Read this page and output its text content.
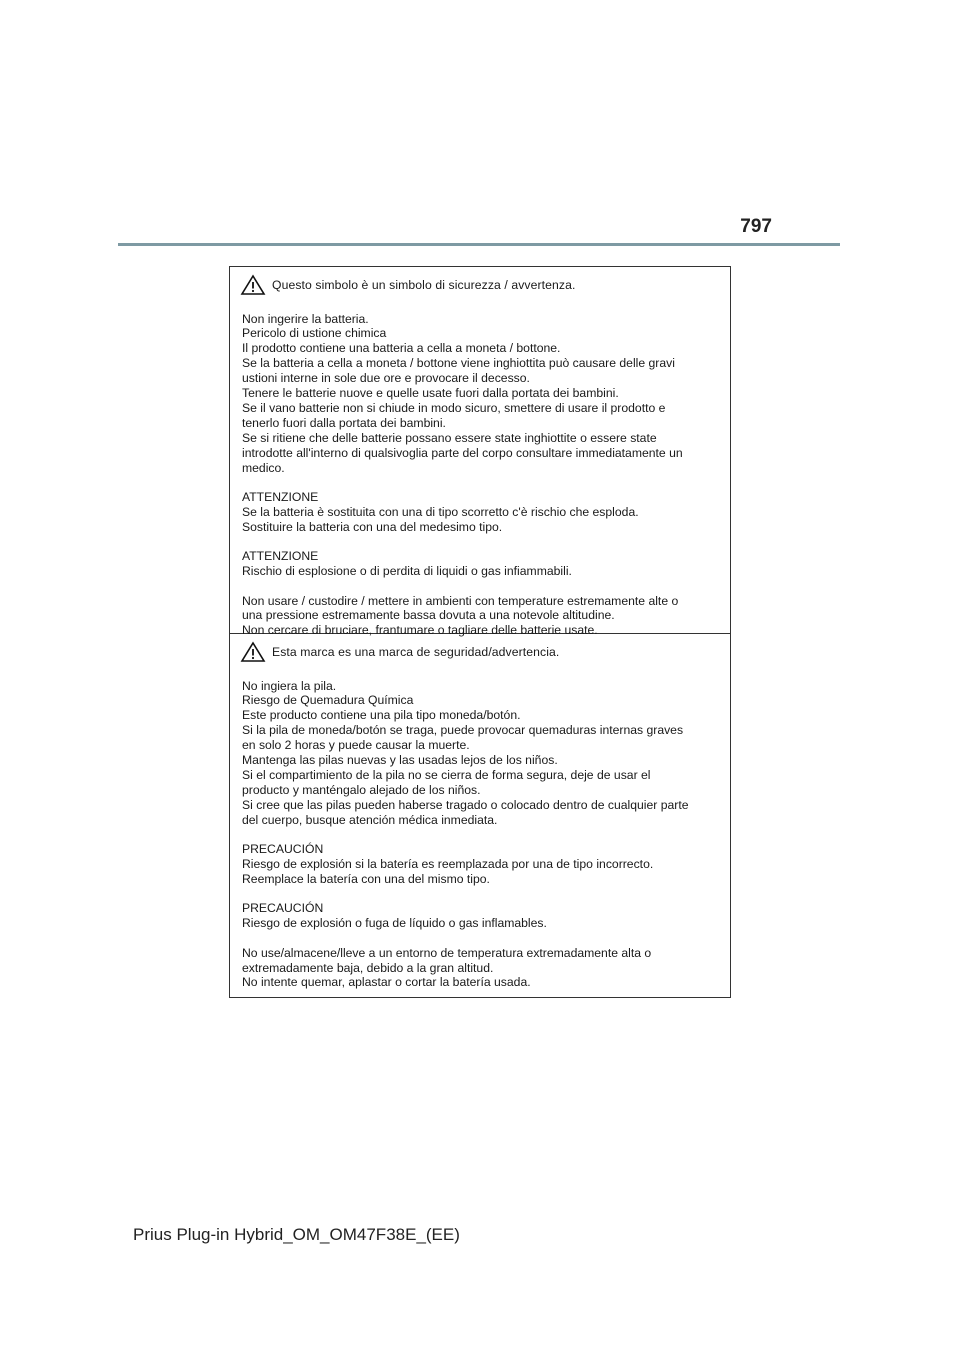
797
Questo simbolo è un simbolo di sicurezza / avvertenza.

Non ingerire la batteria.
Pericolo di ustione chimica
Il prodotto contiene una batteria a cella a moneta / bottone.
Se la batteria a cella a moneta / bottone viene inghiottita può causare delle gravi
ustioni interne in sole due ore e provocare il decesso.
Tenere le batterie nuove e quelle usate fuori dalla portata dei bambini.
Se il vano batterie non si chiude in modo sicuro, smettere di usare il prodotto e
tenerlo fuori dalla portata dei bambini.
Se si ritiene che delle batterie possano essere state inghiottite o essere state
introdotte all'interno di qualsivoglia parte del corpo consultare immediatamente un
medico.

ATTENZIONE
Se la batteria è sostituita con una di tipo scorretto c'è rischio che esploda.
Sostituire la batteria con una del medesimo tipo.

ATTENZIONE
Rischio di esplosione o di perdita di liquidi o gas infiammabili.

Non usare / custodire / mettere in ambienti con temperature estremamente alte o
una pressione estremamente bassa dovuta a una notevole altitudine.
Non cercare di bruciare, frantumare o tagliare delle batterie usate.

Esta marca es una marca de seguridad/advertencia.

No ingiera la pila.
Riesgo de Quemadura Química
Este producto contiene una pila tipo moneda/botón.
Si la pila de moneda/botón se traga, puede provocar quemaduras internas graves
en solo 2 horas y puede causar la muerte.
Mantenga las pilas nuevas y las usadas lejos de los niños.
Si el compartimiento de la pila no se cierra de forma segura, deje de usar el
producto y manténgalo alejado de los niños.
Si cree que las pilas pueden haberse tragado o colocado dentro de cualquier parte
del cuerpo, busque atención médica inmediata.

PRECAUCIÓN
Riesgo de explosión si la batería es reemplazada por una de tipo incorrecto.
Reemplace la batería con una del mismo tipo.

PRECAUCIÓN
Riesgo de explosión o fuga de líquido o gas inflamables.

No use/almacene/lleve a un entorno de temperatura extremadamente alta o
extremadamente baja, debido a la gran altitud.
No intente quemar, aplastar o cortar la batería usada.

Prius Plug-in Hybrid_OM_OM47F38E_(EE)
